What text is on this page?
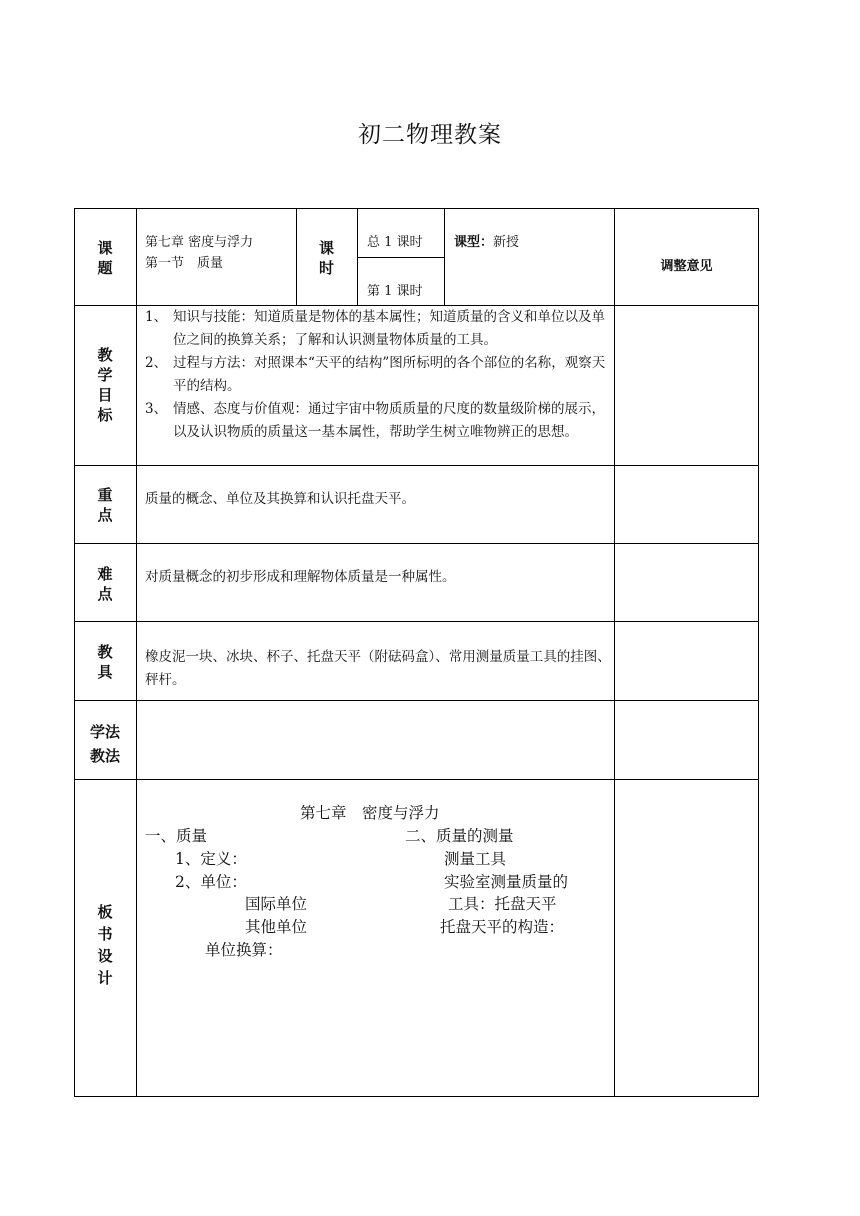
初二物理教案
课
题
第七章 密度与浮力
第一节　质量
课
时
总 1 课时
第 1 课时
课型：新授
调整意见
教
学
目
标
1、 知识与技能：知道质量是物体的基本属性；知道质量的含义和单位以及单位之间的换算关系；了解和认识测量物体质量的工具。
2、 过程与方法：对照课本“天平的结构”图所标明的各个部位的名称，观察天平的结构。
3、 情感、态度与价值观：通过宇宙中物质质量的尺度的数量级阶梯的展示，以及认识物质的质量这一基本属性，帮助学生树立唯物辨正的思想。
重
点
质量的概念、单位及其换算和认识托盘天平。
难
点
对质量概念的初步形成和理解物体质量是一种属性。
教
具
橡皮泥一块、冰块、杯子、托盘天平（附砝码盒）、常用测量质量工具的挂图、秤杆。
学法
教法
板
书
设
计
第七章　密度与浮力
一、质量
1、定义：
2、单位：
国际单位
其他单位
单位换算：
二、质量的测量
测量工具
实验室测量质量的
工具：托盘天平
托盘天平的构造：
